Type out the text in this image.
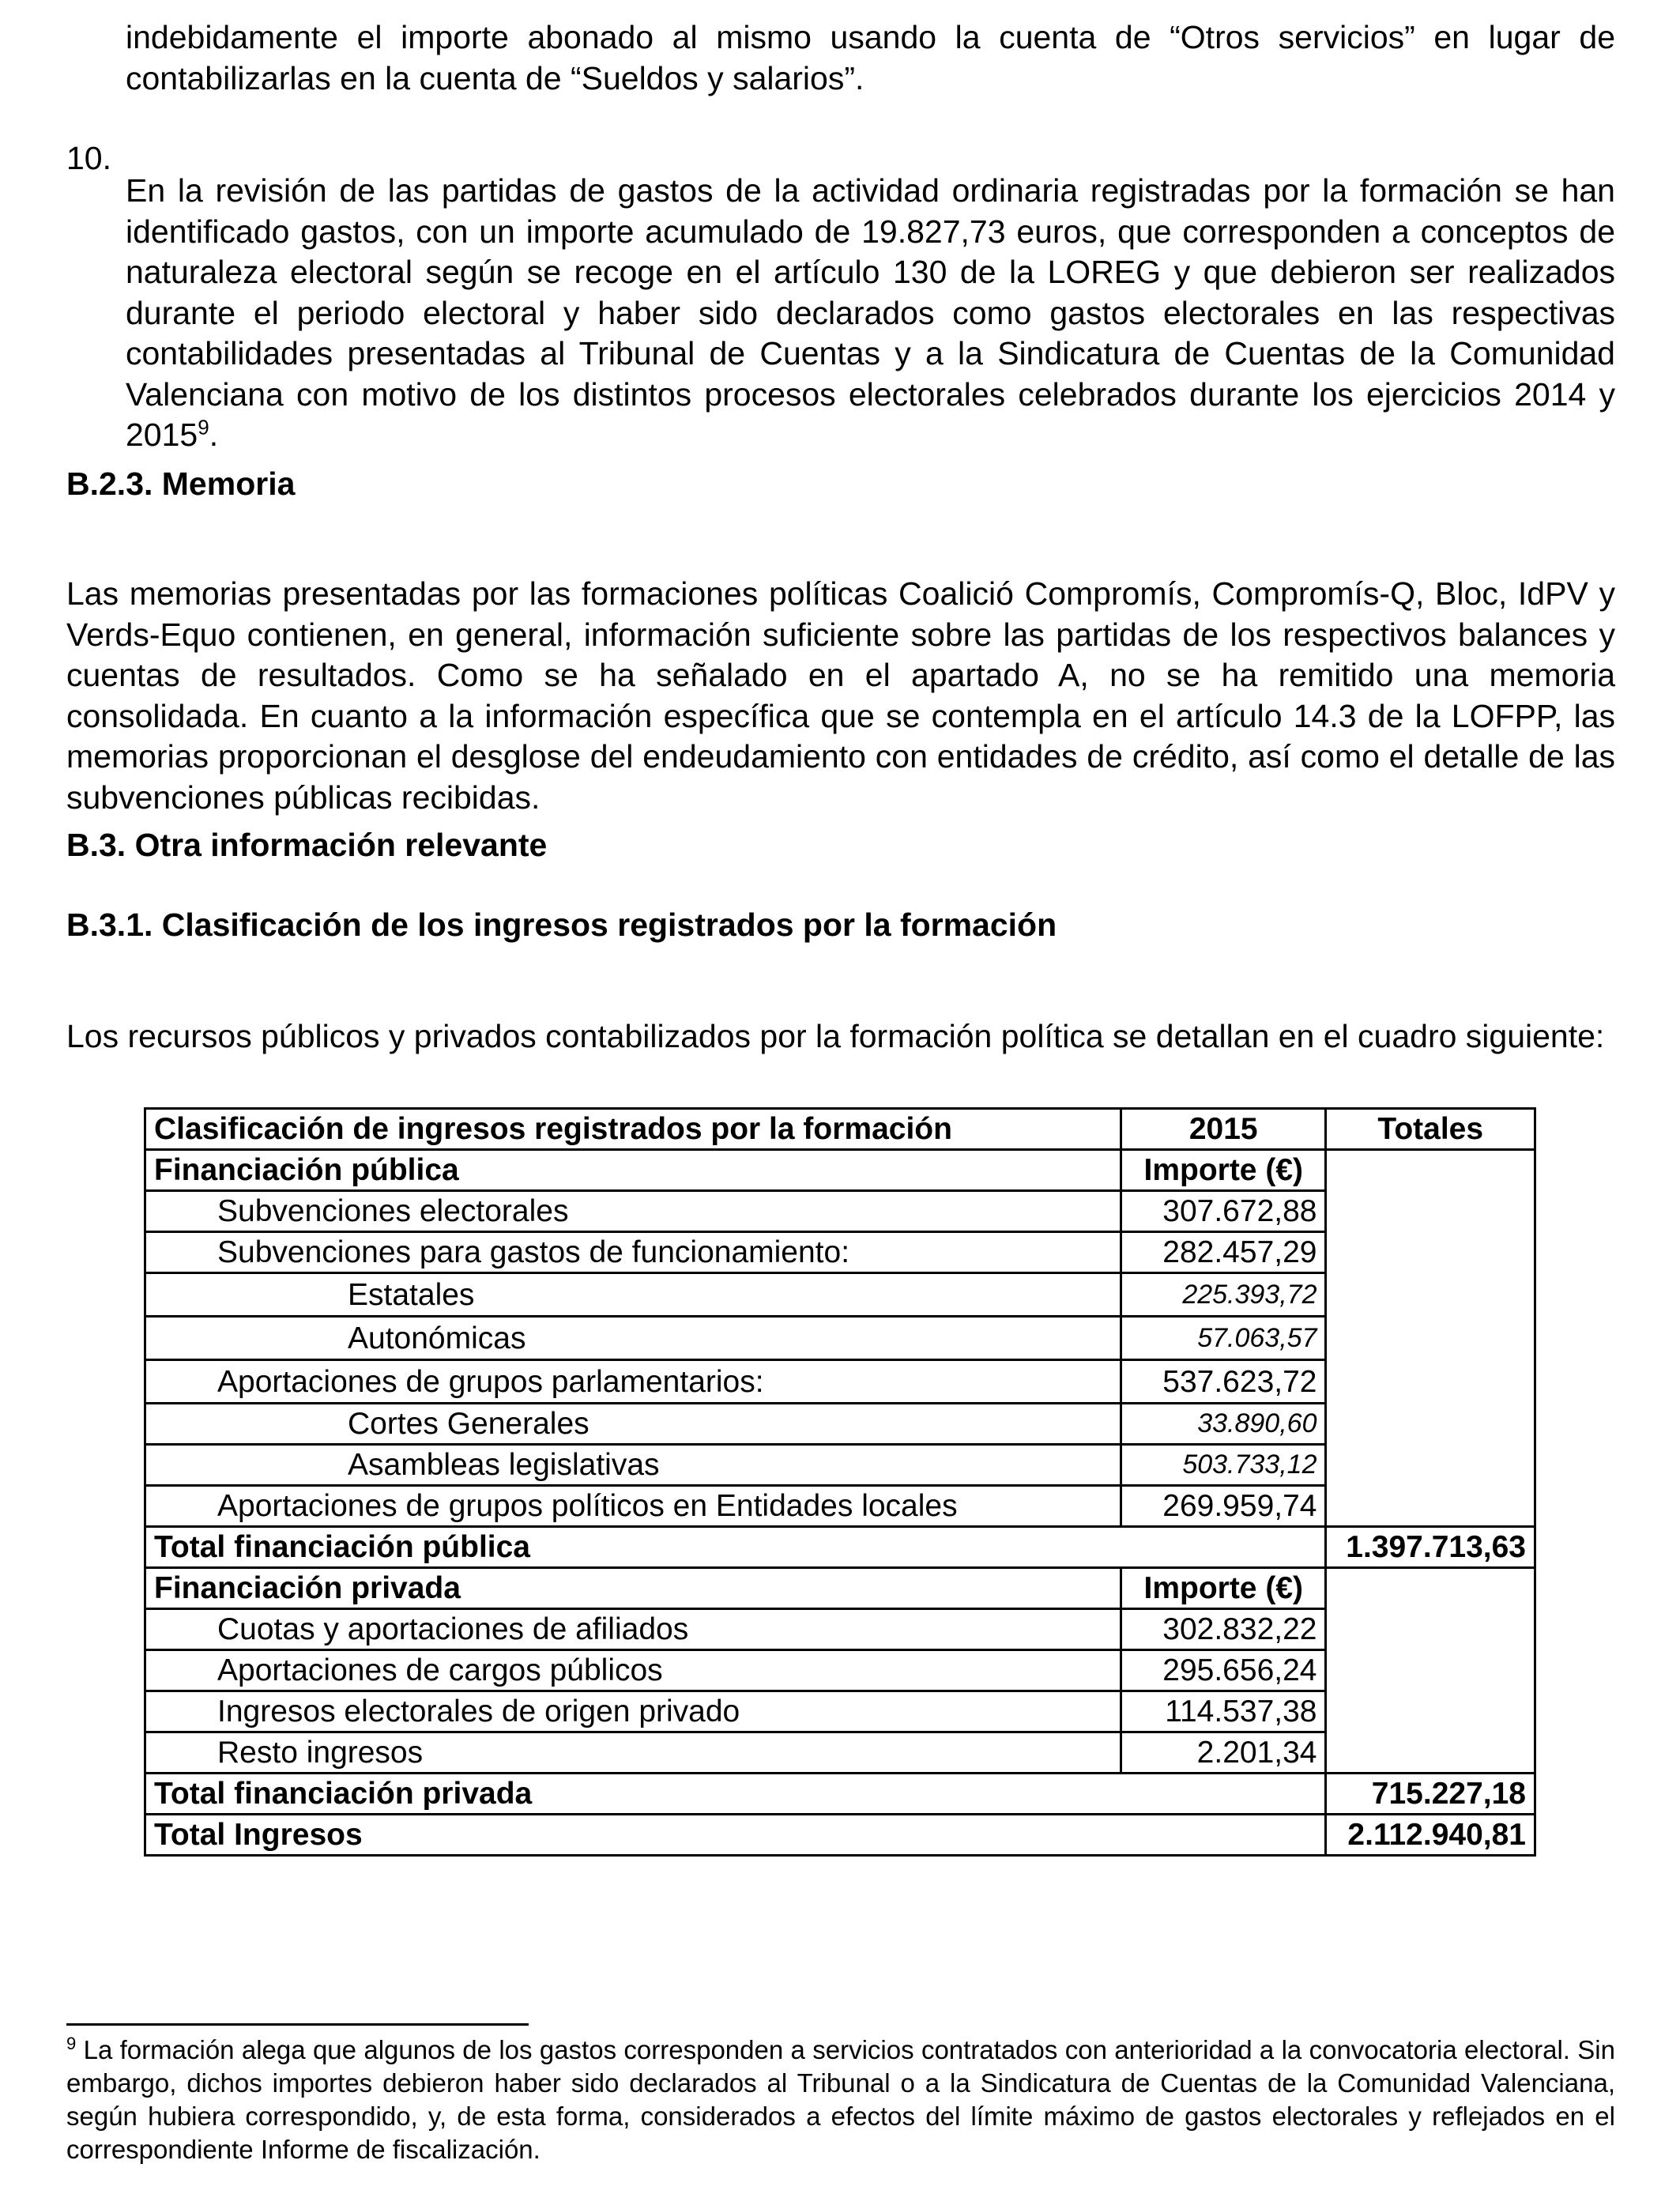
indebidamente el importe abonado al mismo usando la cuenta de “Otros servicios” en lugar de contabilizarlas en la cuenta de “Sueldos y salarios”.

10.

En la revisión de las partidas de gastos de la actividad ordinaria registradas por la formación se han identificado gastos, con un importe acumulado de 19.827,73 euros, que corresponden a conceptos de naturaleza electoral según se recoge en el artículo 130 de la LOREG y que debieron ser realizados durante el periodo electoral y haber sido declarados como gastos electorales en las respectivas contabilidades presentadas al Tribunal de Cuentas y a la Sindicatura de Cuentas de la Comunidad Valenciana con motivo de los distintos procesos electorales celebrados durante los ejercicios 2014 y 2015$^9$.

B.2.3. Memoria

Las memorias presentadas por las formaciones políticas Coalició Compromís, Compromís-Q, Bloc, IdPV y Verds-Equo contienen, en general, información suficiente sobre las partidas de los respectivos balances y cuentas de resultados. Como se ha señalado en el apartado A, no se ha remitido una memoria consolidada. En cuanto a la información específica que se contempla en el artículo 14.3 de la LOFPP, las memorias proporcionan el desglose del endeudamiento con entidades de crédito, así como el detalle de las subvenciones públicas recibidas.

B.3. Otra información relevante
B.3.1. Clasificación de los ingresos registrados por la formación

Los recursos públicos y privados contabilizados por la formación política se detallan en el cuadro siguiente:

Clasificación de ingresos registrados por la formación	2015	Totales
Financiación pública	Importe (€)	
Subvenciones electorales	307.672,88	
Subvenciones para gastos de funcionamiento:	282.457,29	
Estatales	225.393,72	
Autonómicas	57.063,57	
Aportaciones de grupos parlamentarios:	537.623,72	
Cortes Generales	33.890,60	
Asambleas legislativas	503.733,12	
Aportaciones de grupos políticos en Entidades locales	269.959,74	
Total financiación pública		1.397.713,63
Financiación privada	Importe (€)	
Cuotas y aportaciones de afiliados	302.832,22	
Aportaciones de cargos públicos	295.656,24	
Ingresos electorales de origen privado	114.537,38	
Resto ingresos	2.201,34	
Total financiación privada		715.227,18
Total Ingresos		2.112.940,81

$^9$ La formación alega que algunos de los gastos corresponden a servicios contratados con anterioridad a la convocatoria electoral. Sin embargo, dichos importes debieron haber sido declarados al Tribunal o a la Sindicatura de Cuentas de la Comunidad Valenciana, según hubiera correspondido, y, de esta forma, considerados a efectos del límite máximo de gastos electorales y reflejados en el correspondiente Informe de fiscalización.
